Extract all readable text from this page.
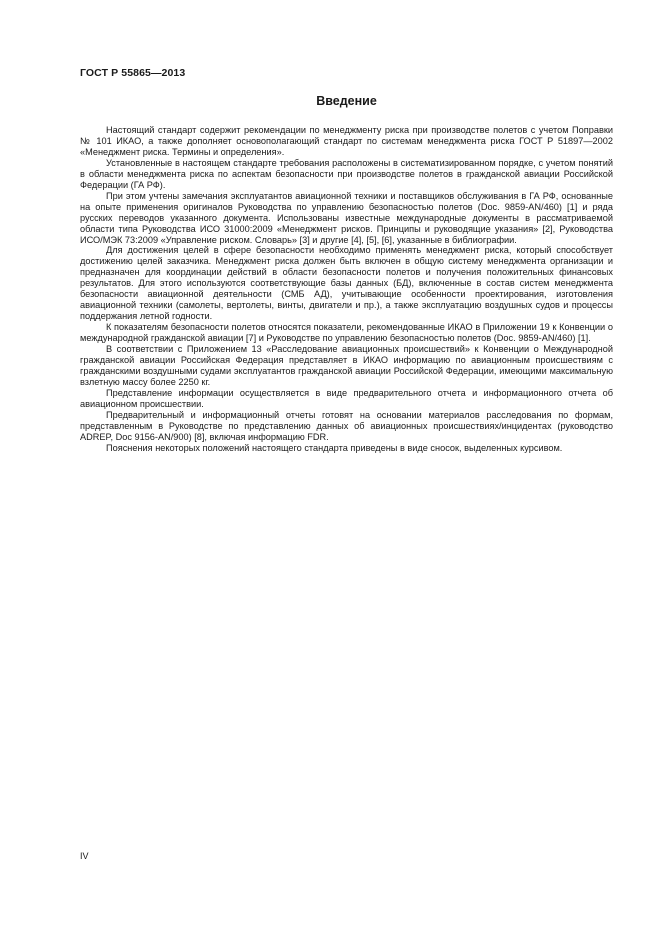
ГОСТ Р 55865—2013
Введение

Настоящий стандарт содержит рекомендации по менеджменту риска при производстве полетов с учетом Поправки № 101 ИКАО, а также дополняет основополагающий стандарт по системам менеджмента риска ГОСТ Р 51897—2002 «Менеджмент риска. Термины и определения».

Установленные в настоящем стандарте требования расположены в систематизированном порядке, с учетом понятий в области менеджмента риска по аспектам безопасности при производстве полетов в гражданской авиации Российской Федерации (ГА РФ).

При этом учтены замечания эксплуатантов авиационной техники и поставщиков обслуживания в ГА РФ, основанные на опыте применения оригиналов Руководства по управлению безопасностью полетов (Doc. 9859-AN/460) [1] и ряда русских переводов указанного документа. Использованы известные международные документы в рассматриваемой области типа Руководства ИСО 31000:2009 «Менеджмент рисков. Принципы и руководящие указания» [2], Руководства ИСО/МЭК 73:2009 «Управление риском. Словарь» [3] и другие [4], [5], [6], указанные в библиографии.

Для достижения целей в сфере безопасности необходимо применять менеджмент риска, который способствует достижению целей заказчика. Менеджмент риска должен быть включен в общую систему менеджмента организации и предназначен для координации действий в области безопасности полетов и получения положительных финансовых результатов. Для этого используются соответствующие базы данных (БД), включенные в состав систем менеджмента безопасности авиационной деятельности (СМБ АД), учитывающие особенности проектирования, изготовления авиационной техники (самолеты, вертолеты, винты, двигатели и пр.), а также эксплуатацию воздушных судов и процессы поддержания летной годности.

К показателям безопасности полетов относятся показатели, рекомендованные ИКАО в Приложении 19 к Конвенции о международной гражданской авиации [7] и Руководстве по управлению безопасностью полетов (Doc. 9859-AN/460) [1].

В соответствии с Приложением 13 «Расследование авиационных происшествий» к Конвенции о Международной гражданской авиации Российская Федерация представляет в ИКАО информацию по авиационным происшествиям с гражданскими воздушными судами эксплуатантов гражданской авиации Российской Федерации, имеющими максимальную взлетную массу более 2250 кг.

Представление информации осуществляется в виде предварительного отчета и информационного отчета об авиационном происшествии.

Предварительный и информационный отчеты готовят на основании материалов расследования по формам, представленным в Руководстве по представлению данных об авиационных происшествиях/инцидентах (руководство ADREP, Doc 9156-AN/900) [8], включая информацию FDR.

Пояснения некоторых положений настоящего стандарта приведены в виде сносок, выделенных курсивом.

IV
